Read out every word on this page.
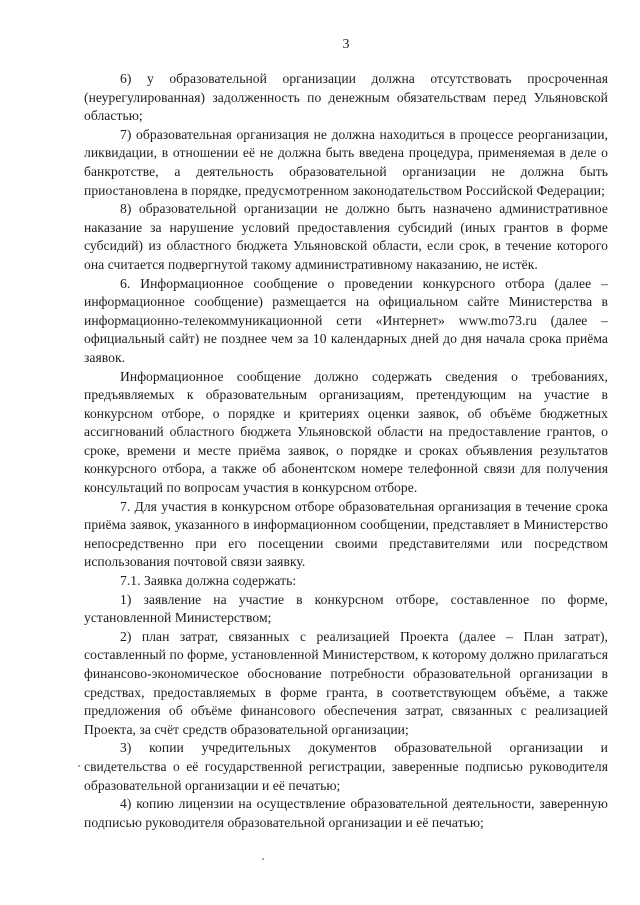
3

6) у образовательной организации должна отсутствовать просроченная (неурегулированная) задолженность по денежным обязательствам перед Ульяновской областью;

7) образовательная организация не должна находиться в процессе реорганизации, ликвидации, в отношении её не должна быть введена процедура, применяемая в деле о банкротстве, а деятельность образовательной организации не должна быть приостановлена в порядке, предусмотренном законодательством Российской Федерации;

8) образовательной организации не должно быть назначено административное наказание за нарушение условий предоставления субсидий (иных грантов в форме субсидий) из областного бюджета Ульяновской области, если срок, в течение которого она считается подвергнутой такому административному наказанию, не истёк.

6. Информационное сообщение о проведении конкурсного отбора (далее – информационное сообщение) размещается на официальном сайте Министерства в информационно-телекоммуникационной сети «Интернет» www.mo73.ru (далее – официальный сайт) не позднее чем за 10 календарных дней до дня начала срока приёма заявок.

Информационное сообщение должно содержать сведения о требованиях, предъявляемых к образовательным организациям, претендующим на участие в конкурсном отборе, о порядке и критериях оценки заявок, об объёме бюджетных ассигнований областного бюджета Ульяновской области на предоставление грантов, о сроке, времени и месте приёма заявок, о порядке и сроках объявления результатов конкурсного отбора, а также об абонентском номере телефонной связи для получения консультаций по вопросам участия в конкурсном отборе.

7. Для участия в конкурсном отборе образовательная организация в течение срока приёма заявок, указанного в информационном сообщении, представляет в Министерство непосредственно при его посещении своими представителями или посредством использования почтовой связи заявку.

7.1. Заявка должна содержать:

1) заявление на участие в конкурсном отборе, составленное по форме, установленной Министерством;

2) план затрат, связанных с реализацией Проекта (далее – План затрат), составленный по форме, установленной Министерством, к которому должно прилагаться финансово-экономическое обоснование потребности образовательной организации в средствах, предоставляемых в форме гранта, в соответствующем объёме, а также предложения об объёме финансового обеспечения затрат, связанных с реализацией Проекта, за счёт средств образовательной организации;

3) копии учредительных документов образовательной организации и свидетельства о её государственной регистрации, заверенные подписью руководителя образовательной организации и её печатью;

4) копию лицензии на осуществление образовательной деятельности, заверенную подписью руководителя образовательной организации и её печатью;
